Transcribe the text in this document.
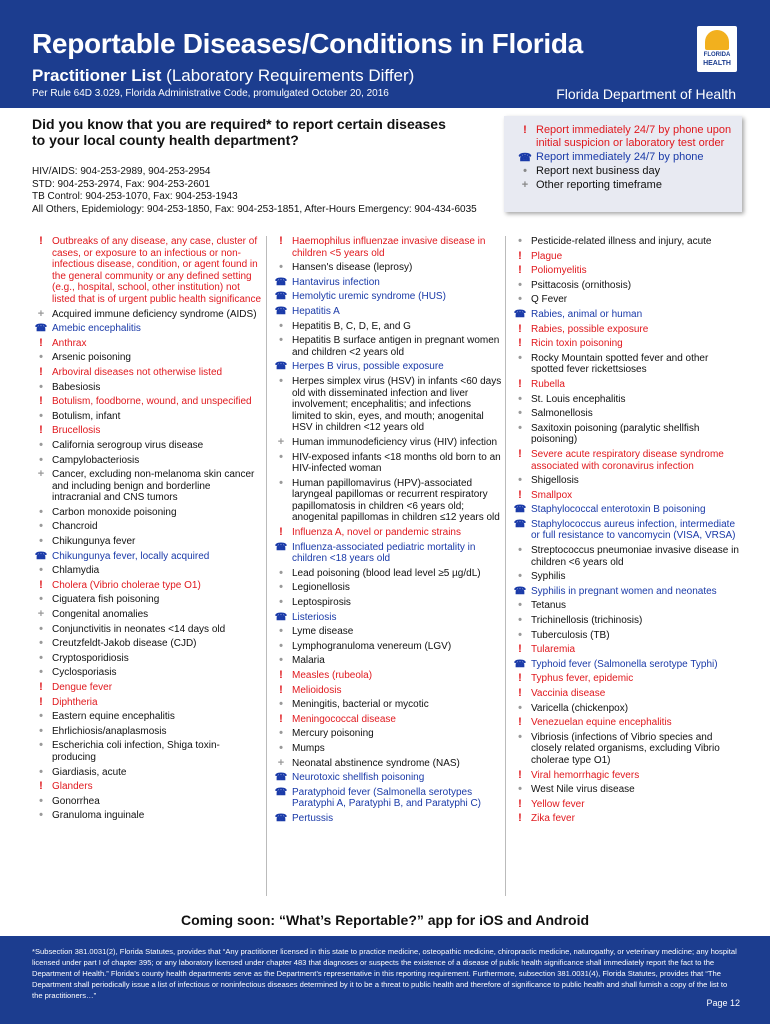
Reportable Diseases/Conditions in Florida
Practitioner List (Laboratory Requirements Differ)
Per Rule 64D 3.029, Florida Administrative Code, promulgated October 20, 2016	Florida Department of Health
FLORIDA
HEALTH
Did you know that you are required* to report certain diseases
to your local county health department?
HIV/AIDS: 904-253-2989, 904-253-2954
STD: 904-253-2974, Fax: 904-253-2601
TB Control: 904-253-1070, Fax: 904-253-1943
All Others, Epidemiology: 904-253-1850, Fax: 904-253-1851, After-Hours Emergency: 904-434-6035
! Report immediately 24/7 by phone upon initial suspicion or laboratory test order
☎ Report immediately 24/7 by phone
• Report next business day
+ Other reporting timeframe
! Outbreaks of any disease, any case, cluster of cases, or exposure to an infectious or non-infectious disease, condition, or agent found in the general community or any defined setting (e.g., hospital, school, other institution) not listed that is of urgent public health significance
+ Acquired immune deficiency syndrome (AIDS)
☎ Amebic encephalitis
! Anthrax
• Arsenic poisoning
! Arboviral diseases not otherwise listed
• Babesiosis
! Botulism, foodborne, wound, and unspecified
• Botulism, infant
! Brucellosis
• California serogroup virus disease
• Campylobacteriosis
+ Cancer, excluding non-melanoma skin cancer and including benign and borderline intracranial and CNS tumors
• Carbon monoxide poisoning
• Chancroid
• Chikungunya fever
☎ Chikungunya fever, locally acquired
• Chlamydia
! Cholera (Vibrio cholerae type O1)
• Ciguatera fish poisoning
+ Congenital anomalies
• Conjunctivitis in neonates <14 days old
• Creutzfeldt-Jakob disease (CJD)
• Cryptosporidiosis
• Cyclosporiasis
! Dengue fever
! Diphtheria
• Eastern equine encephalitis
• Ehrlichiosis/anaplasmosis
• Escherichia coli infection, Shiga toxin-producing
• Giardiasis, acute
! Glanders
• Gonorrhea
• Granuloma inguinale
! Haemophilus influenzae invasive disease in children <5 years old
• Hansen's disease (leprosy)
☎ Hantavirus infection
☎ Hemolytic uremic syndrome (HUS)
☎ Hepatitis A
• Hepatitis B, C, D, E, and G
• Hepatitis B surface antigen in pregnant women and children <2 years old
☎ Herpes B virus, possible exposure
• Herpes simplex virus (HSV) in infants <60 days old with disseminated infection and liver involvement; encephalitis; and infections limited to skin, eyes, and mouth; anogenital HSV in children <12 years old
+ Human immunodeficiency virus (HIV) infection
• HIV-exposed infants <18 months old born to an HIV-infected woman
• Human papillomavirus (HPV)-associated laryngeal papillomas or recurrent respiratory papillomatosis in children <6 years old; anogenital papillomas in children ≤12 years old
! Influenza A, novel or pandemic strains
☎ Influenza-associated pediatric mortality in children <18 years old
• Lead poisoning (blood lead level ≥5 µg/dL)
• Legionellosis
• Leptospirosis
☎ Listeriosis
• Lyme disease
• Lymphogranuloma venereum (LGV)
• Malaria
! Measles (rubeola)
! Melioidosis
• Meningitis, bacterial or mycotic
! Meningococcal disease
• Mercury poisoning
• Mumps
+ Neonatal abstinence syndrome (NAS)
☎ Neurotoxic shellfish poisoning
☎ Paratyphoid fever (Salmonella serotypes Paratyphi A, Paratyphi B, and Paratyphi C)
☎ Pertussis
• Pesticide-related illness and injury, acute
! Plague
! Poliomyelitis
• Psittacosis (ornithosis)
• Q Fever
☎ Rabies, animal or human
! Rabies, possible exposure
! Ricin toxin poisoning
• Rocky Mountain spotted fever and other spotted fever rickettsioses
! Rubella
• St. Louis encephalitis
• Salmonellosis
• Saxitoxin poisoning (paralytic shellfish poisoning)
! Severe acute respiratory disease syndrome associated with coronavirus infection
• Shigellosis
! Smallpox
☎ Staphylococcal enterotoxin B poisoning
☎ Staphylococcus aureus infection, intermediate or full resistance to vancomycin (VISA, VRSA)
• Streptococcus pneumoniae invasive disease in children <6 years old
• Syphilis
☎ Syphilis in pregnant women and neonates
• Tetanus
• Trichinellosis (trichinosis)
• Tuberculosis (TB)
! Tularemia
☎ Typhoid fever (Salmonella serotype Typhi)
! Typhus fever, epidemic
! Vaccinia disease
• Varicella (chickenpox)
! Venezuelan equine encephalitis
• Vibriosis (infections of Vibrio species and closely related organisms, excluding Vibrio cholerae type O1)
! Viral hemorrhagic fevers
• West Nile virus disease
! Yellow fever
! Zika fever
Coming soon: “What’s Reportable?” app for iOS and Android
*Subsection 381.0031(2), Florida Statutes, provides that “Any practitioner licensed in this state to practice medicine, osteopathic medicine, chiropractic medicine, naturopathy, or veterinary medicine; any hospital licensed under part I of chapter 395; or any laboratory licensed under chapter 483 that diagnoses or suspects the existence of a disease of public health significance shall immediately report the fact to the Department of Health.” Florida’s county health departments serve as the Department’s representative in this reporting requirement. Furthermore, subsection 381.0031(4), Florida Statutes, provides that “The Department shall periodically issue a list of infectious or noninfectious diseases determined by it to be a threat to public health and therefore of significance to public health and shall furnish a copy of the list to the practitioners…”
Page 12
